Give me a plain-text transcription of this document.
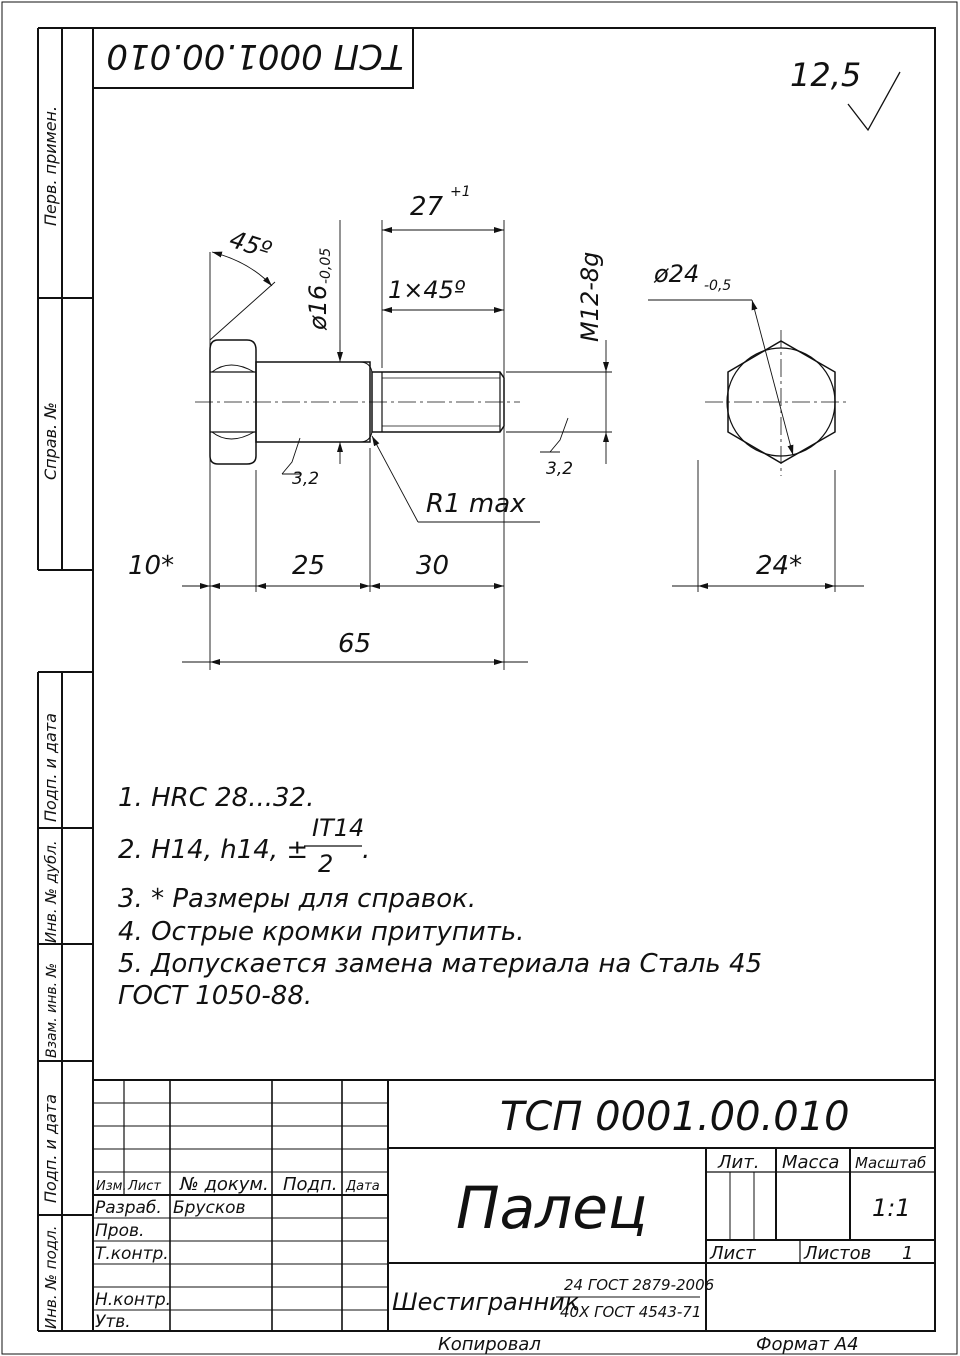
Перв. примен.
Справ. №
Подп. и дата
Инв. № дубл.
Взам. инв. №
Подп. и дата
Инв. № подл.
ТСП 0001.00.010	12,5
45º
ø16
-0,05
27 +1
1×45º	M12-8g ø24 -0,5
3,2	3,2
R1 max
10*	25	30
65
24*
1. HRC 28...32.
2. H14, h14, ±
IT14
2 .
3. * Размеры для справок.
4. Острые кромки притупить.
5. Допускается замена материала на Сталь 45
ГОСТ 1050-88.
ТСП 0001.00.010
Палец
Шестигранник
24 ГОСТ 2879-2006
40Х ГОСТ 4543-71
Лит. Масса Масштаб
1:1
Лист	Листов 1
Изм. Лист № докум. Подп. Дата
Разраб. Брусков
Пров.
Т.контр.
Н.контр.
Утв.
Копировал	Формат А4
